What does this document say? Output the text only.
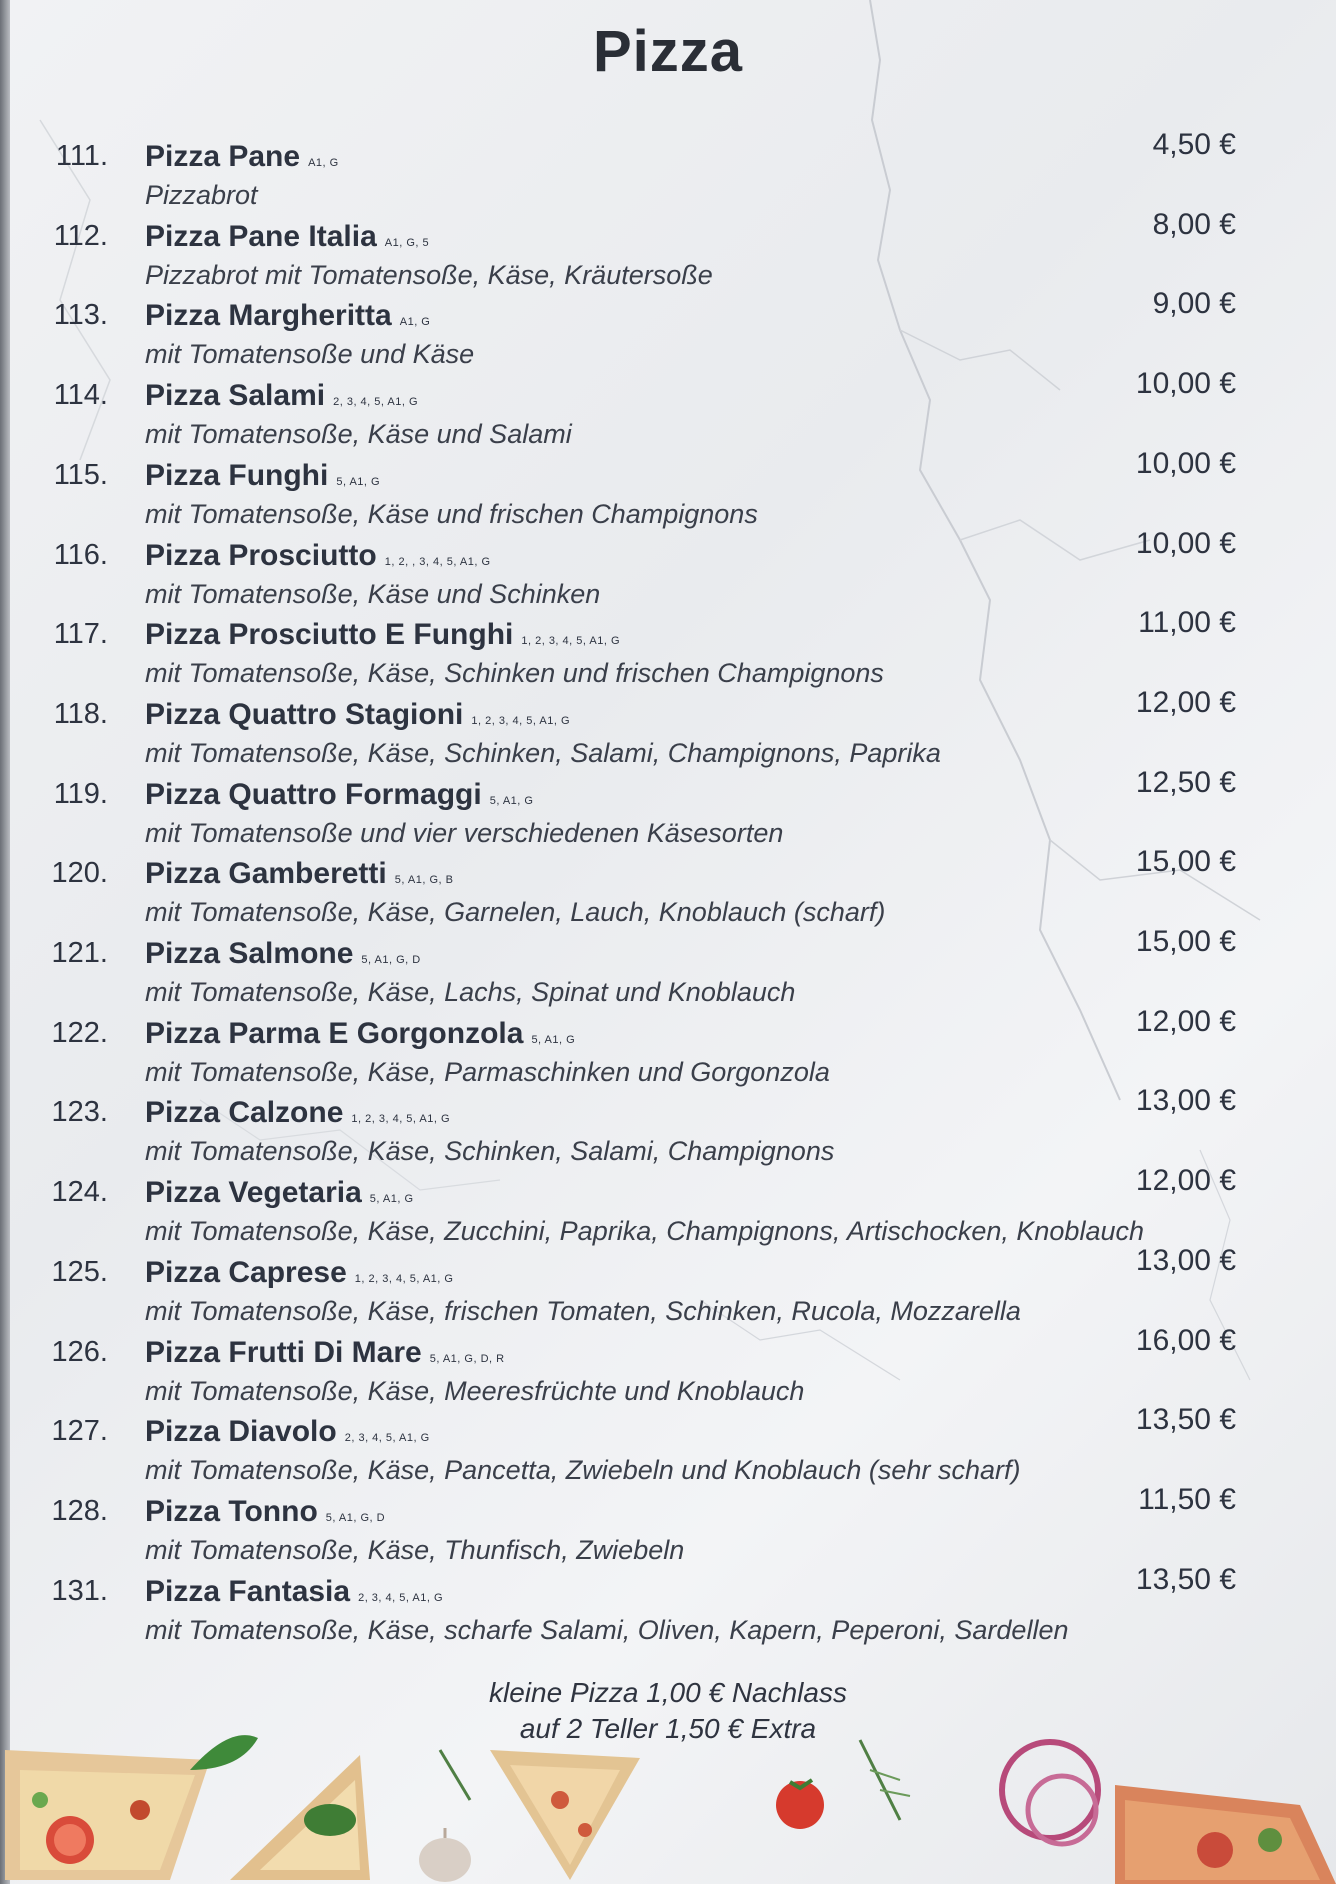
Pizza
111. Pizza Pane A1, G
Pizzabrot
4,50 €
112. Pizza Pane Italia A1, G, 5
Pizzabrot mit Tomatensoße, Käse, Kräutersoße
8,00 €
113. Pizza Margheritta A1, G
mit Tomatensoße und Käse
9,00 €
114. Pizza Salami 2, 3, 4, 5, A1, G
mit Tomatensoße, Käse und Salami
10,00 €
115. Pizza Funghi 5, A1, G
mit Tomatensoße, Käse und frischen Champignons
10,00 €
116. Pizza Prosciutto 1, 2, , 3, 4, 5, A1, G
mit Tomatensoße, Käse und Schinken
10,00 €
117. Pizza Prosciutto E Funghi 1, 2, 3, 4, 5, A1, G
mit Tomatensoße, Käse, Schinken und frischen Champignons
11,00 €
118. Pizza Quattro Stagioni 1, 2, 3, 4, 5, A1, G
mit Tomatensoße, Käse, Schinken, Salami, Champignons, Paprika
12,00 €
119. Pizza Quattro Formaggi 5, A1, G
mit Tomatensoße und vier verschiedenen Käsesorten
12,50 €
120. Pizza Gamberetti 5, A1, G, B
mit Tomatensoße, Käse, Garnelen, Lauch, Knoblauch (scharf)
15,00 €
121. Pizza Salmone 5, A1, G, D
mit Tomatensoße, Käse, Lachs, Spinat und Knoblauch
15,00 €
122. Pizza Parma E Gorgonzola 5, A1, G
mit Tomatensoße, Käse, Parmaschinken und Gorgonzola
12,00 €
123. Pizza Calzone 1, 2, 3, 4, 5, A1, G
mit Tomatensoße, Käse, Schinken, Salami, Champignons
13,00 €
124. Pizza Vegetaria 5, A1, G
mit Tomatensoße, Käse, Zucchini, Paprika, Champignons, Artischocken, Knoblauch
12,00 €
125. Pizza Caprese 1, 2, 3, 4, 5, A1, G
mit Tomatensoße, Käse, frischen Tomaten, Schinken, Rucola, Mozzarella
13,00 €
126. Pizza Frutti Di Mare 5, A1, G, D, R
mit Tomatensoße, Käse, Meeresfrüchte und Knoblauch
16,00 €
127. Pizza Diavolo 2, 3, 4, 5, A1, G
mit Tomatensoße, Käse, Pancetta, Zwiebeln und Knoblauch (sehr scharf)
13,50 €
128. Pizza Tonno 5, A1, G, D
mit Tomatensoße, Käse, Thunfisch, Zwiebeln
11,50 €
131. Pizza Fantasia 2, 3, 4, 5, A1, G
mit Tomatensoße, Käse, scharfe Salami, Oliven, Kapern, Peperoni, Sardellen
13,50 €
kleine Pizza 1,00 € Nachlass
auf 2 Teller 1,50 € Extra
